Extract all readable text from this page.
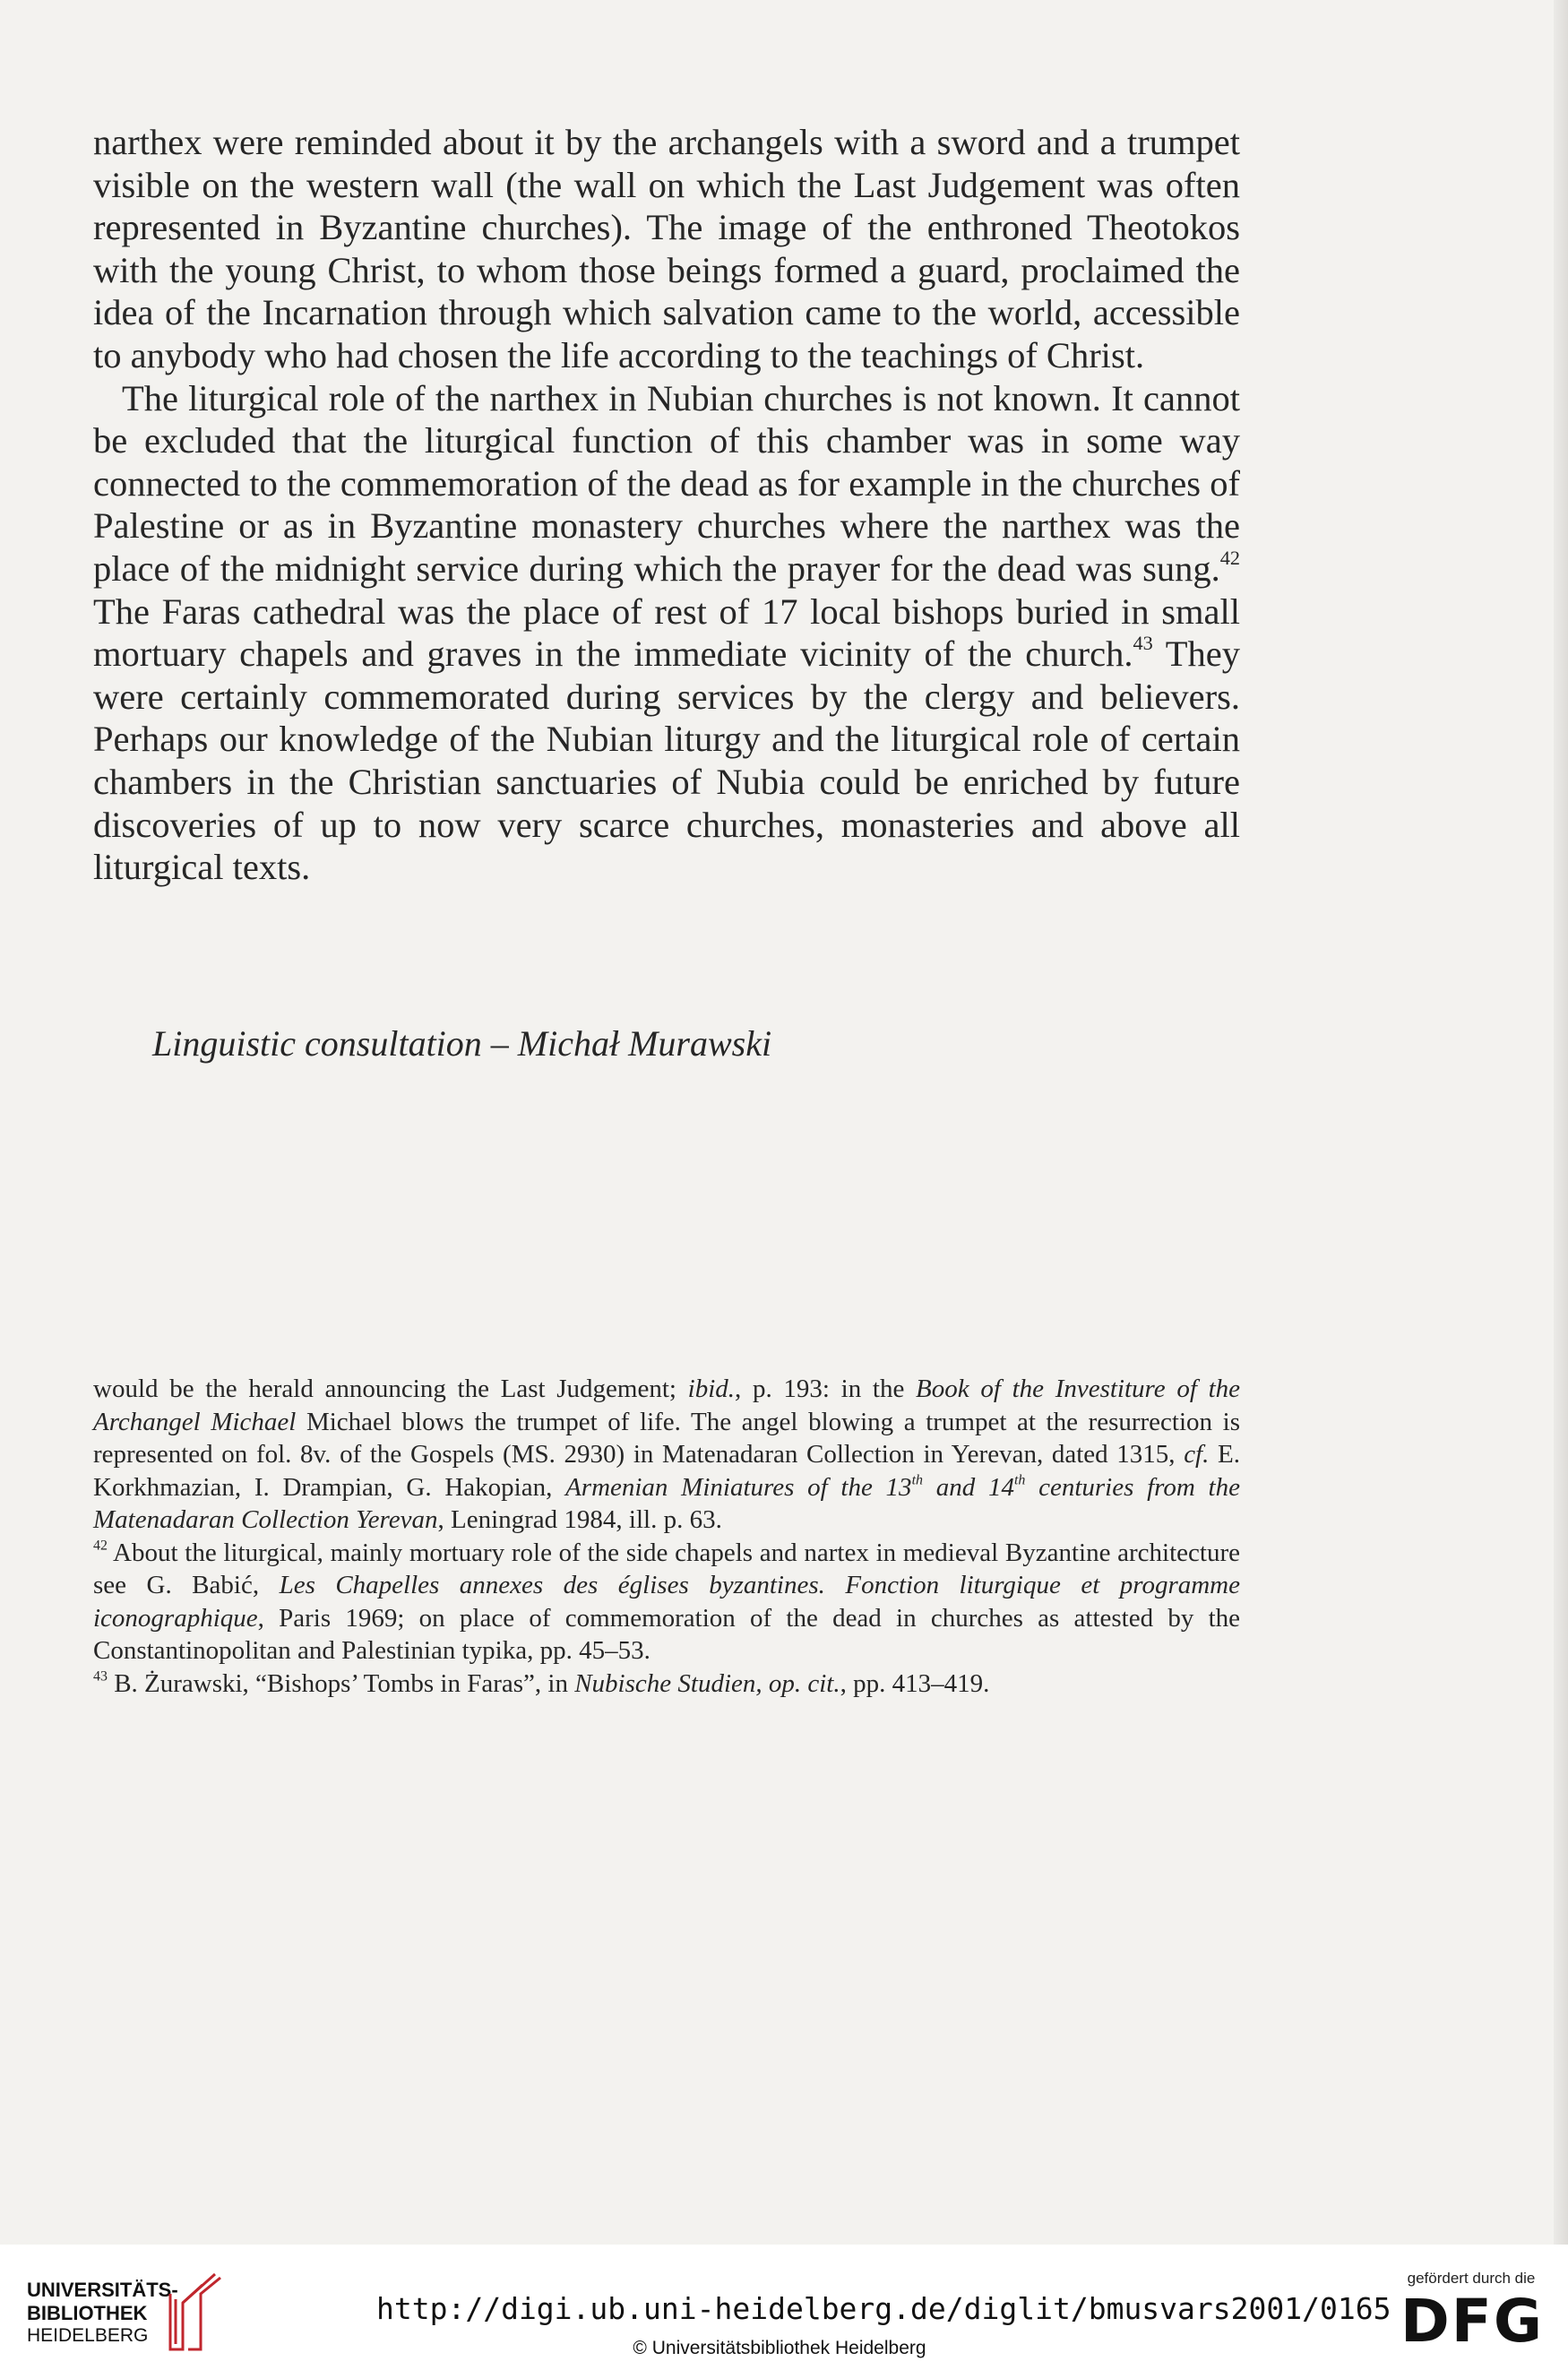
narthex were reminded about it by the archangels with a sword and a trumpet visible on the western wall (the wall on which the Last Judgement was often represented in Byzantine churches). The image of the enthroned Theotokos with the young Christ, to whom those beings formed a guard, proclaimed the idea of the Incarnation through which salvation came to the world, accessible to anybody who had chosen the life according to the teachings of Christ.

The liturgical role of the narthex in Nubian churches is not known. It cannot be excluded that the liturgical function of this chamber was in some way connected to the commemoration of the dead as for example in the churches of Palestine or as in Byzantine monastery churches where the narthex was the place of the midnight service during which the prayer for the dead was sung.$^{42}$ The Faras cathedral was the place of rest of 17 local bishops buried in small mortuary chapels and graves in the immediate vicinity of the church.$^{43}$ They were certainly commemorated during services by the clergy and believers. Perhaps our knowledge of the Nubian liturgy and the liturgical role of certain chambers in the Christian sanctuaries of Nubia could be enriched by future discoveries of up to now very scarce churches, monasteries and above all liturgical texts.

Linguistic consultation – Michał Murawski

would be the herald announcing the Last Judgement; ibid., p. 193: in the Book of the Investiture of the Archangel Michael Michael blows the trumpet of life. The angel blowing a trumpet at the resurrection is represented on fol. 8v. of the Gospels (MS. 2930) in Matenadaran Collection in Yerevan, dated 1315, cf. E. Korkhmazian, I. Drampian, G. Hakopian, Armenian Miniatures of the 13th and 14th centuries from the Matenadaran Collection Yerevan, Leningrad 1984, ill. p. 63.

$^{42}$ About the liturgical, mainly mortuary role of the side chapels and nartex in medieval Byzantine architecture see G. Babić, Les Chapelles annexes des églises byzantines. Fonction liturgique et programme iconographique, Paris 1969; on place of commemoration of the dead in churches as attested by the Constantinopolitan and Palestinian typika, pp. 45–53.

$^{43}$ B. Żurawski, “Bishops’ Tombs in Faras”, in Nubische Studien, op. cit., pp. 413–419.

UNIVERSITÄTS-
BIBLIOTHEK
HEIDELBERG
http://digi.ub.uni-heidelberg.de/diglit/bmusvars2001/0165
© Universitätsbibliothek Heidelberg
gefördert durch die
DFG
